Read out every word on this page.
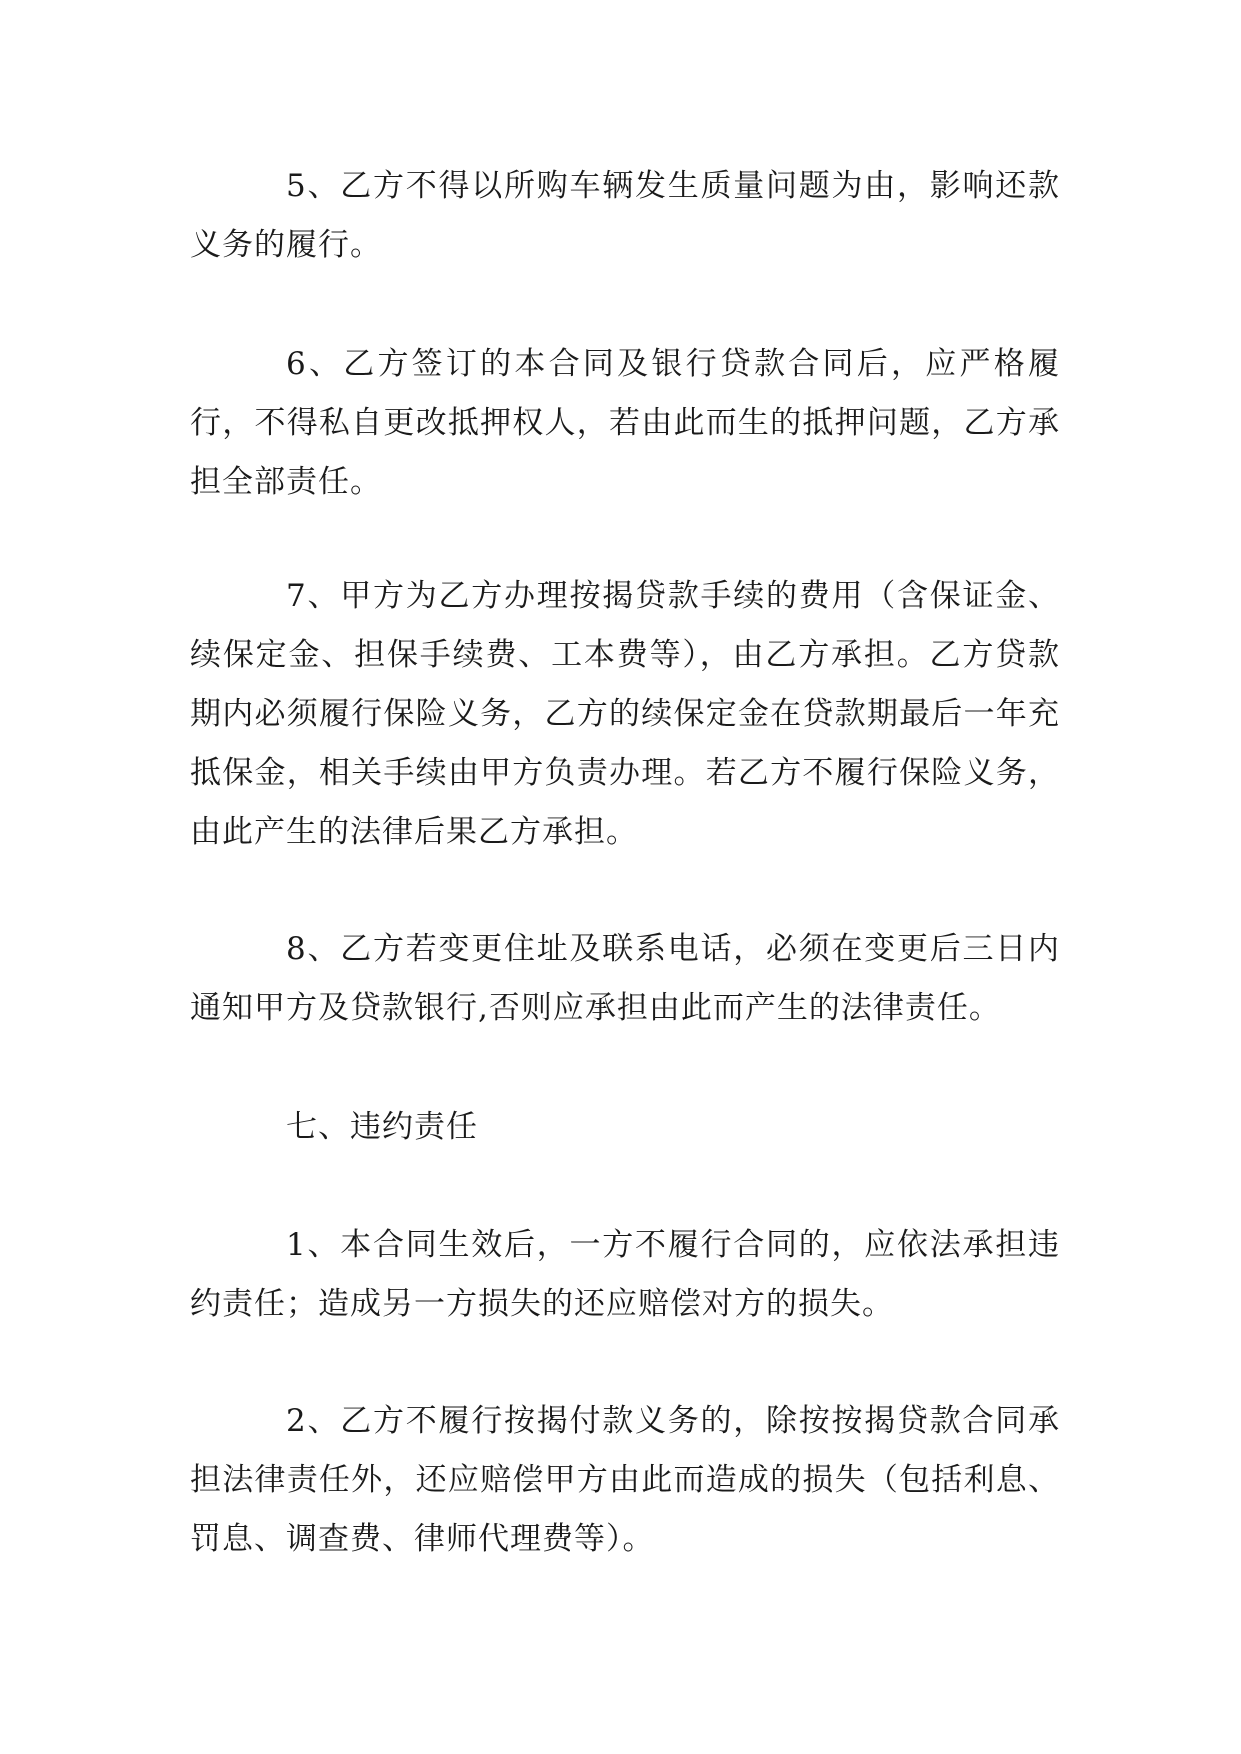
5、乙方不得以所购车辆发生质量问题为由，影响还款义务的履行。

6、乙方签订的本合同及银行贷款合同后，应严格履行，不得私自更改抵押权人，若由此而生的抵押问题，乙方承担全部责任。

7、甲方为乙方办理按揭贷款手续的费用（含保证金、续保定金、担保手续费、工本费等），由乙方承担。乙方贷款期内必须履行保险义务，乙方的续保定金在贷款期最后一年充抵保金，相关手续由甲方负责办理。若乙方不履行保险义务，由此产生的法律后果乙方承担。

8、乙方若变更住址及联系电话，必须在变更后三日内通知甲方及贷款银行,否则应承担由此而产生的法律责任。

七、违约责任

1、本合同生效后，一方不履行合同的，应依法承担违约责任；造成另一方损失的还应赔偿对方的损失。

2、乙方不履行按揭付款义务的，除按按揭贷款合同承担法律责任外，还应赔偿甲方由此而造成的损失（包括利息、罚息、调查费、律师代理费等）。
